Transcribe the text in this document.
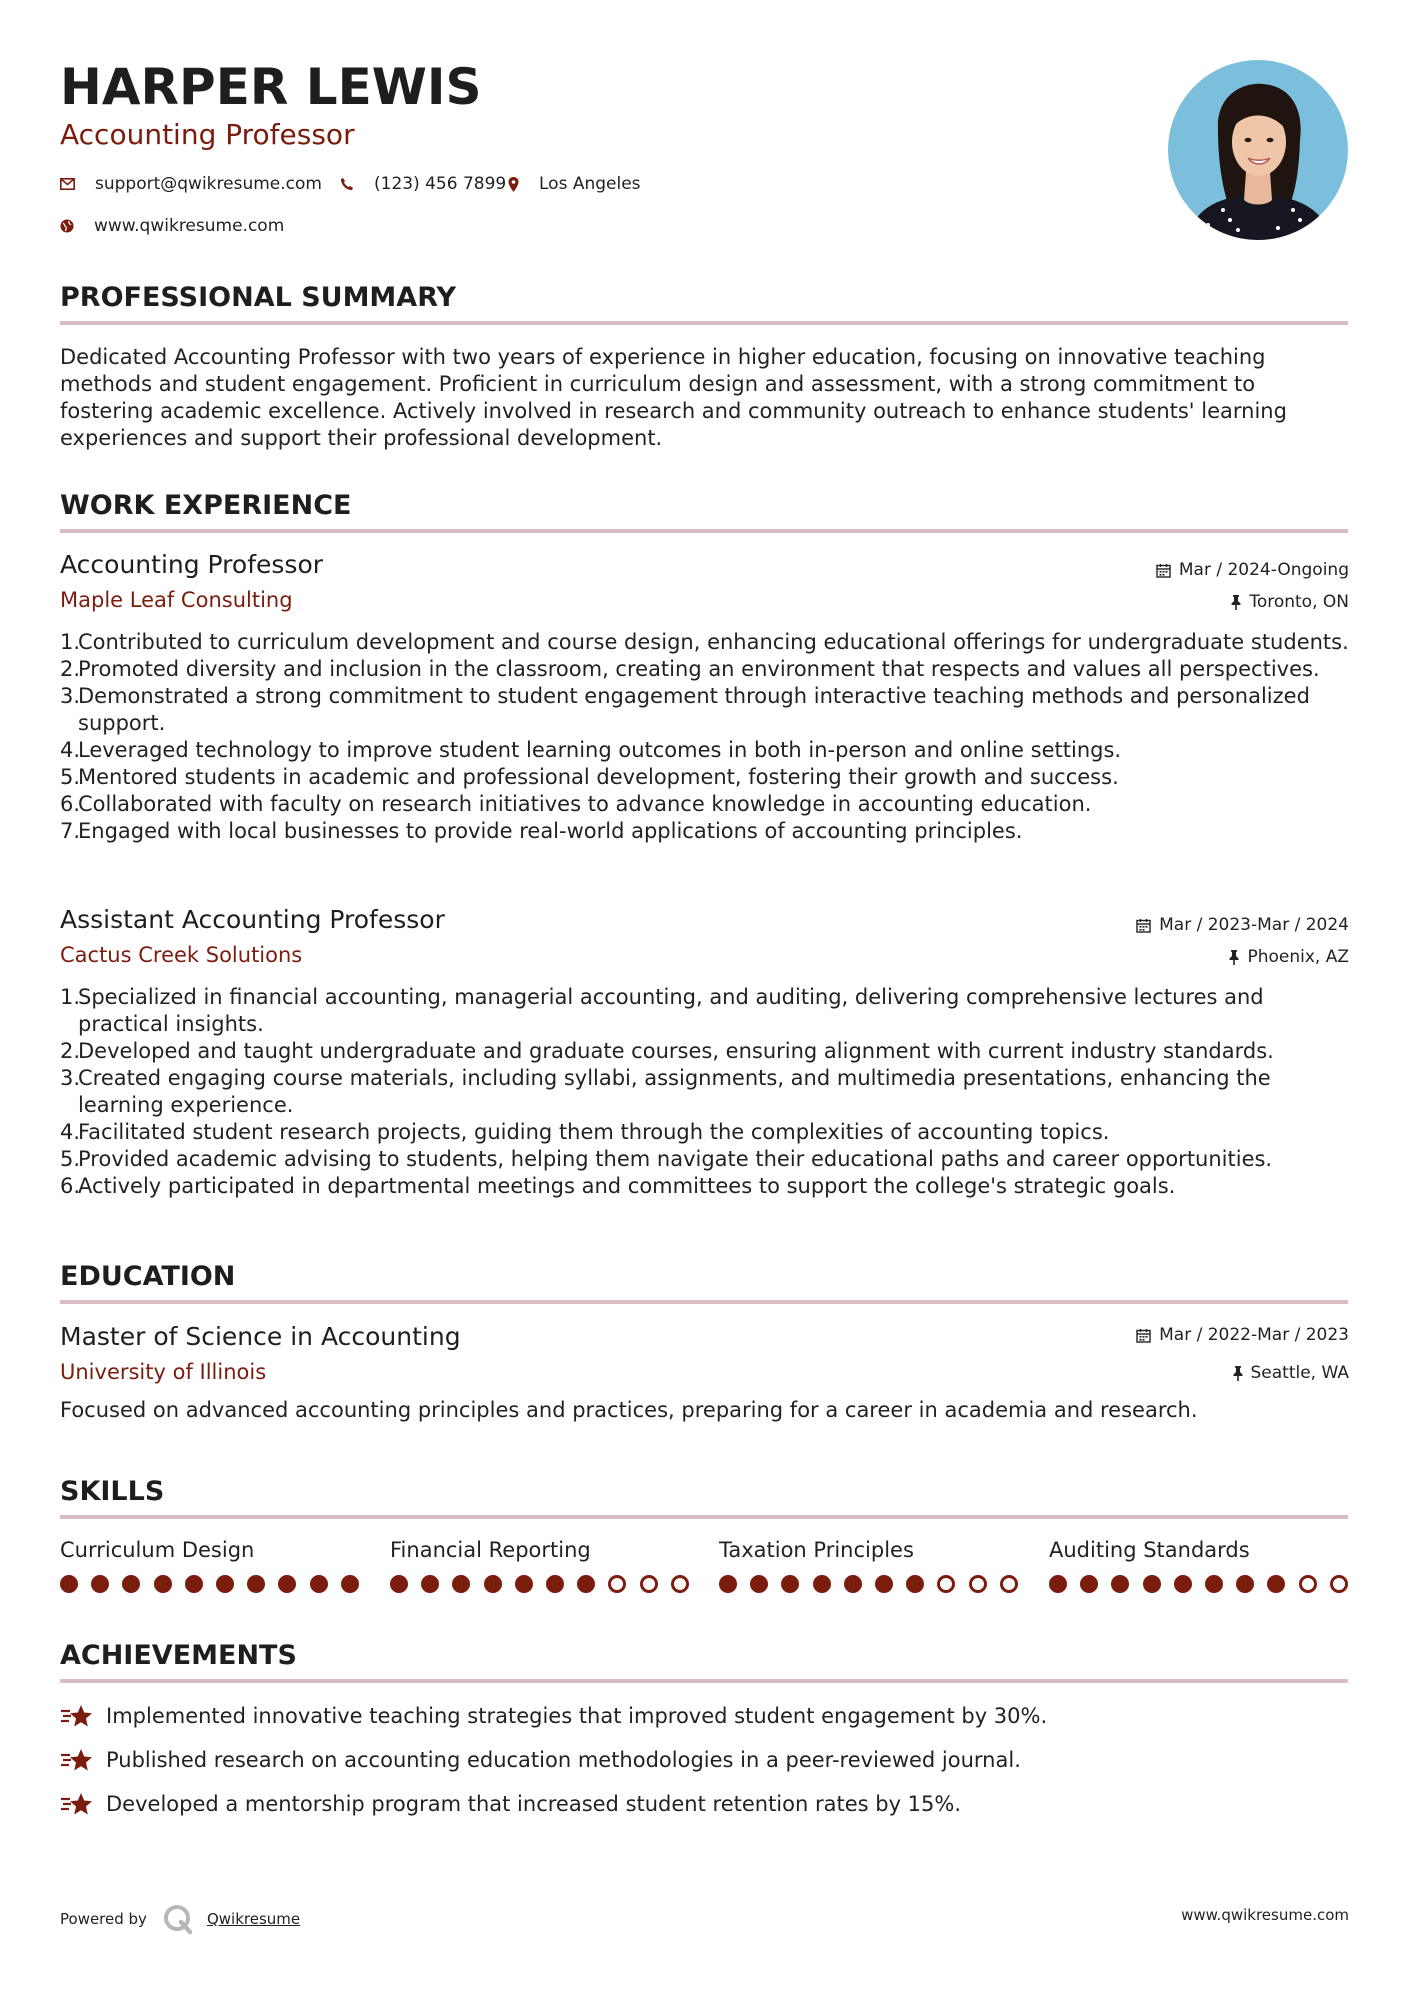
HARPER LEWIS
Accounting Professor
support@qwikresume.com	(123) 456 7899 Los Angeles
www.qwikresume.com
PROFESSIONAL SUMMARY
Dedicated Accounting Professor with two years of experience in higher education, focusing on innovative teaching methods and student engagement. Proficient in curriculum design and assessment, with a strong commitment to fostering academic excellence. Actively involved in research and community outreach to enhance students' learning experiences and support their professional development.
WORK EXPERIENCE
Accounting Professor	Mar / 2024-Ongoing
Maple Leaf Consulting	Toronto, ON
1.
Contributed to curriculum development and course design, enhancing educational offerings for undergraduate students.
2.
Promoted diversity and inclusion in the classroom, creating an environment that respects and values all perspectives.
3.
Demonstrated a strong commitment to student engagement through interactive teaching methods and personalized support.
4.
Leveraged technology to improve student learning outcomes in both in-person and online settings.
5.
Mentored students in academic and professional development, fostering their growth and success.
6.
Collaborated with faculty on research initiatives to advance knowledge in accounting education.
7.
Engaged with local businesses to provide real-world applications of accounting principles.
Assistant Accounting Professor	Mar / 2023-Mar / 2024
Cactus Creek Solutions	Phoenix, AZ
1.
Specialized in financial accounting, managerial accounting, and auditing, delivering comprehensive lectures and practical insights.
2.
Developed and taught undergraduate and graduate courses, ensuring alignment with current industry standards.
3.
Created engaging course materials, including syllabi, assignments, and multimedia presentations, enhancing the learning experience.
4.
Facilitated student research projects, guiding them through the complexities of accounting topics.
5.
Provided academic advising to students, helping them navigate their educational paths and career opportunities.
6.
Actively participated in departmental meetings and committees to support the college's strategic goals.
EDUCATION
Master of Science in Accounting	Mar / 2022-Mar / 2023
University of Illinois	Seattle, WA
Focused on advanced accounting principles and practices, preparing for a career in academia and research.
SKILLS
Curriculum Design	Financial Reporting	Taxation Principles	Auditing Standards
ACHIEVEMENTS
Implemented innovative teaching strategies that improved student engagement by 30%.
Published research on accounting education methodologies in a peer-reviewed journal.
Developed a mentorship program that increased student retention rates by 15%.
Powered by	Qwikresume	www.qwikresume.com
